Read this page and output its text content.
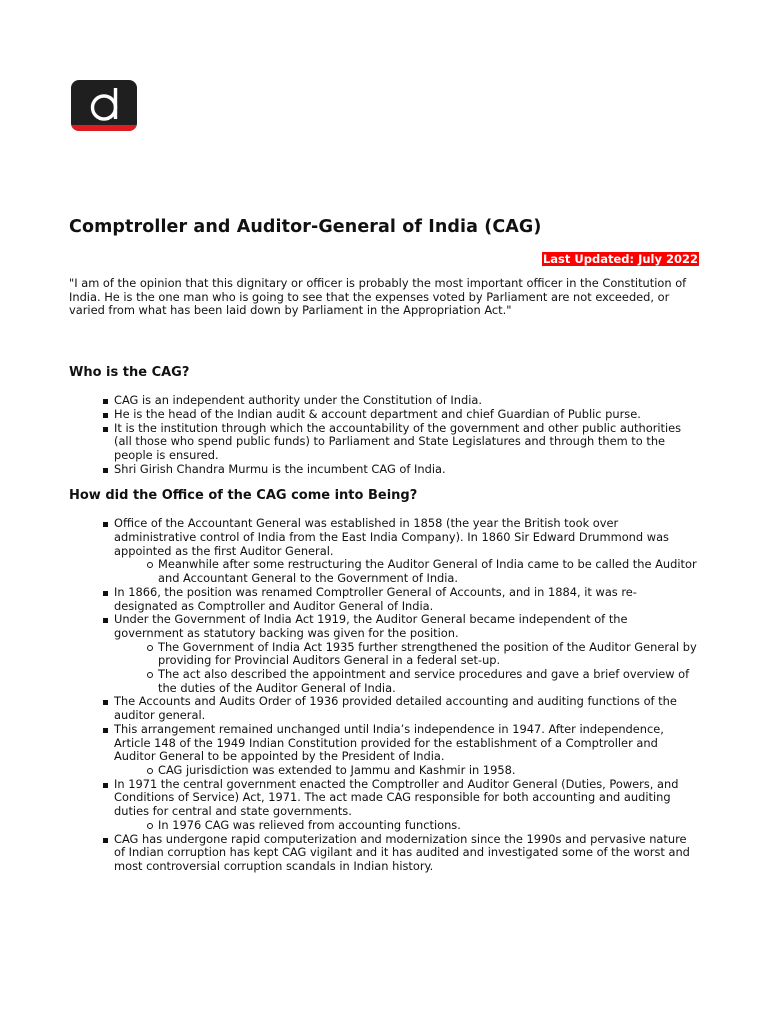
Comptroller and Auditor-General of India (CAG)
Last Updated: July 2022

"I am of the opinion that this dignitary or officer is probably the most important officer in the Constitution of India. He is the one man who is going to see that the expenses voted by Parliament are not exceeded, or varied from what has been laid down by Parliament in the Appropriation Act."

Who is the CAG?
CAG is an independent authority under the Constitution of India.
He is the head of the Indian audit & account department and chief Guardian of Public purse.
It is the institution through which the accountability of the government and other public authorities (all those who spend public funds) to Parliament and State Legislatures and through them to the people is ensured.
Shri Girish Chandra Murmu is the incumbent CAG of India.
How did the Office of the CAG come into Being?
Office of the Accountant General was established in 1858 (the year the British took over administrative control of India from the East India Company). In 1860 Sir Edward Drummond was appointed as the first Auditor General.
Meanwhile after some restructuring the Auditor General of India came to be called the Auditor and Accountant General to the Government of India.
In 1866, the position was renamed Comptroller General of Accounts, and in 1884, it was re-designated as Comptroller and Auditor General of India.
Under the Government of India Act 1919, the Auditor General became independent of the government as statutory backing was given for the position.
The Government of India Act 1935 further strengthened the position of the Auditor General by providing for Provincial Auditors General in a federal set-up.
The act also described the appointment and service procedures and gave a brief overview of the duties of the Auditor General of India.
The Accounts and Audits Order of 1936 provided detailed accounting and auditing functions of the auditor general.
This arrangement remained unchanged until India’s independence in 1947. After independence, Article 148 of the 1949 Indian Constitution provided for the establishment of a Comptroller and Auditor General to be appointed by the President of India.
CAG jurisdiction was extended to Jammu and Kashmir in 1958.
In 1971 the central government enacted the Comptroller and Auditor General (Duties, Powers, and Conditions of Service) Act, 1971. The act made CAG responsible for both accounting and auditing duties for central and state governments.
In 1976 CAG was relieved from accounting functions.
CAG has undergone rapid computerization and modernization since the 1990s and pervasive nature of Indian corruption has kept CAG vigilant and it has audited and investigated some of the worst and most controversial corruption scandals in Indian history.
